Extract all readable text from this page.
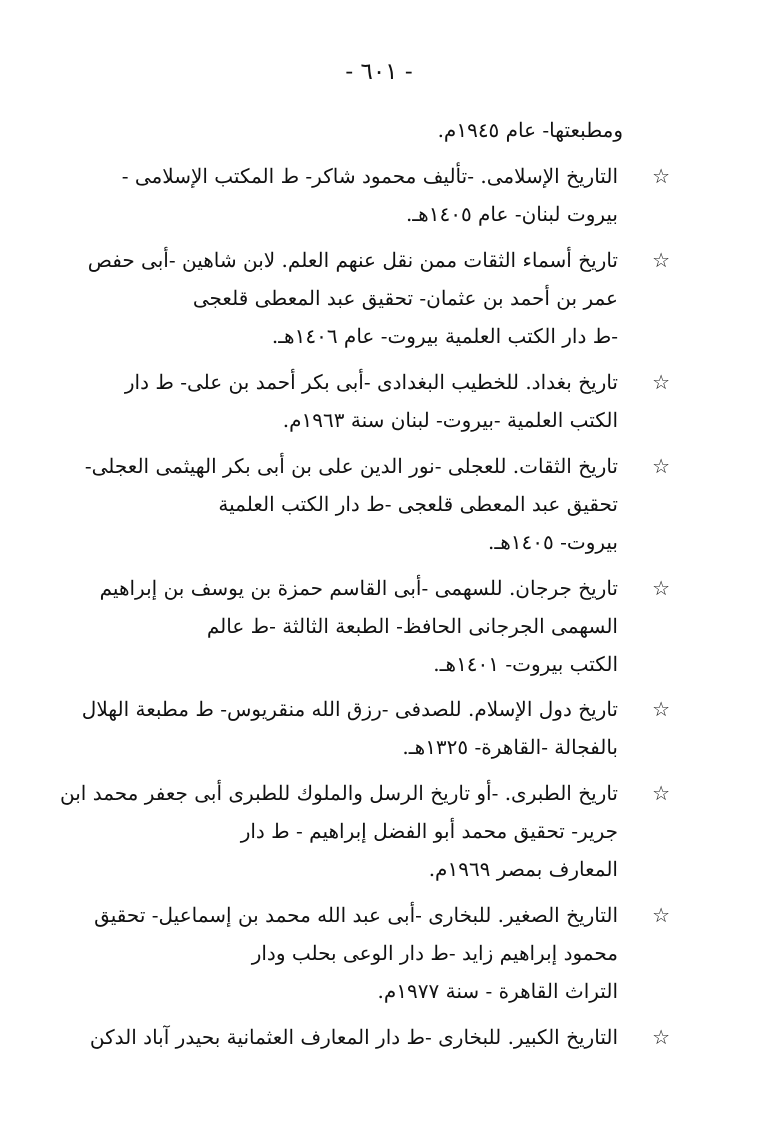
- ٦٠١ -
ومطبعتها- عام ١٩٤٥م.
☆
التاريخ الإسلامى. -تأليف محمود شاكر- ط المكتب الإسلامى -
بيروت لبنان- عام ١٤٠٥هـ.
☆
تاريخ أسماء الثقات ممن نقل عنهم العلم. لابن شاهين -أبى حفص
عمر بن أحمد بن عثمان- تحقيق عبد المعطى قلعجى
-ط دار الكتب العلمية بيروت- عام ١٤٠٦هـ.
☆
تاريخ بغداد. للخطيب البغدادى -أبى بكر أحمد بن على- ط دار
الكتب العلمية -بيروت- لبنان سنة ١٩٦٣م.
☆
تاريخ الثقات. للعجلى -نور الدين على بن أبى بكر الهيثمى العجلى-
تحقيق عبد المعطى قلعجى -ط دار الكتب العلمية
بيروت- ١٤٠٥هـ.
☆
تاريخ جرجان. للسهمى -أبى القاسم حمزة بن يوسف بن إبراهيم
السهمى الجرجانى الحافظ- الطبعة الثالثة -ط عالم
الكتب بيروت- ١٤٠١هـ.
☆
تاريخ دول الإسلام. للصدفى -رزق الله منقريوس- ط مطبعة الهلال
بالفجالة -القاهرة- ١٣٢٥هـ.
☆
تاريخ الطبرى. -أو تاريخ الرسل والملوك للطبرى أبى جعفر محمد ابن
جرير- تحقيق محمد أبو الفضل إبراهيم - ط دار
المعارف بمصر ١٩٦٩م.
☆
التاريخ الصغير. للبخارى -أبى عبد الله محمد بن إسماعيل- تحقيق
محمود إبراهيم زايد -ط دار الوعى بحلب ودار
التراث القاهرة - سنة ١٩٧٧م.
☆
التاريخ الكبير. للبخارى -ط دار المعارف العثمانية بحيدر آباد الدكن
